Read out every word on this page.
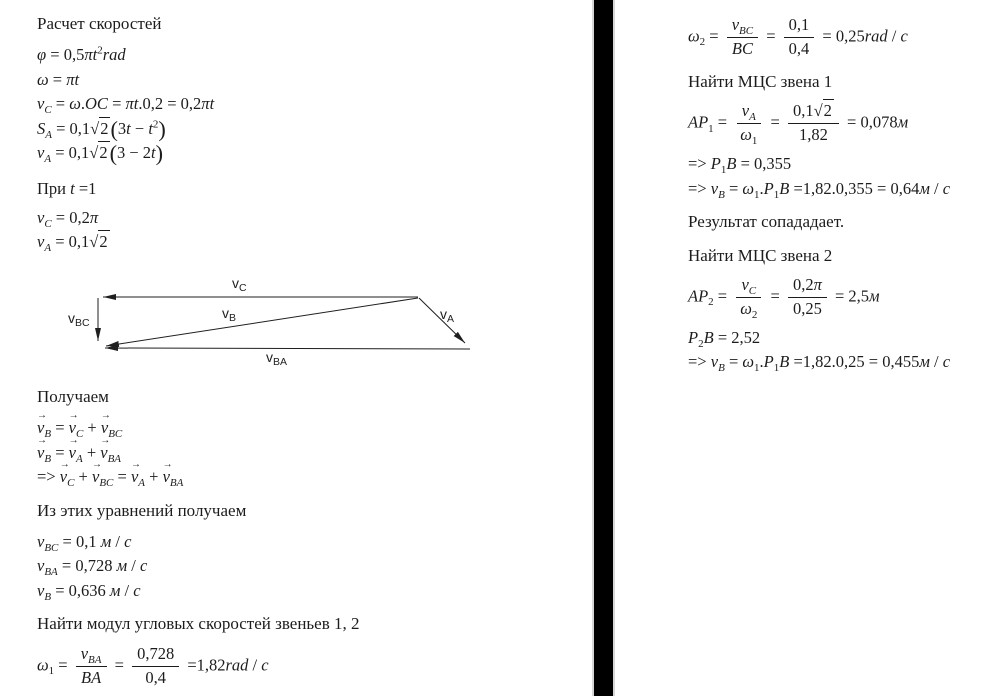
Расчет скоростей
$\varphi = 0,5\pi t^2rad$
ω = πt
$v_C = \omega.OC = \pi t.0,2 = 0,2\pi t$
$S_A = 0,1√2(3t - t^2)$
$v_A = 0,1√2(3 - 2t)$
При t =1
$v_C = 0,2\pi$
$v_A = 0,1√2$
$v_C$
$v_B$
$v_{BC}$
$v_{BA}$
$v_A$
Получаем
v
→
$_B$ = v
→
$_C$ + v
→
$_{BC}$
v
→
$_B$ = v
→
$_A$ + v
→
$_{BA}$
=> v
→
$_C$ + v
→
$_{BC}$ = v
→
$_A$ + v
→
$_{BA}$
Из этих уравнений получаем
$v_{BC} = 0,1$ м / с
$v_{BA} = 0,728$ м / с
$v_B = 0,636$ м / с
Найти модул угловых скоростей звеньев 1, 2
$\omega_1 = \frac{v_{BA}}{BA} = \frac{0,728}{0,4} =1,82rad / с$
$\omega_2 = \frac{v_{BC}}{BC} = \frac{0,1}{0,4} = 0,25rad / с$
Найти МЦС звена 1
$AP_1 = \frac{v_A}{\omega_1} = \frac{0,1√2}{1,82} = 0,078м$
=> $P_1B = 0,355$
=> $v_B = \omega_1.P_1B =1,82.0,355 = 0,64м / с$
Результат сопададает.
Найти МЦС звена 2
$AP_2 = \frac{v_C}{\omega_2} = \frac{0,2\pi}{0,25} = 2,5м$
$P_2B = 2,52$
=> $v_B = \omega_1.P_1B =1,82.0,25 = 0,455м / с$
